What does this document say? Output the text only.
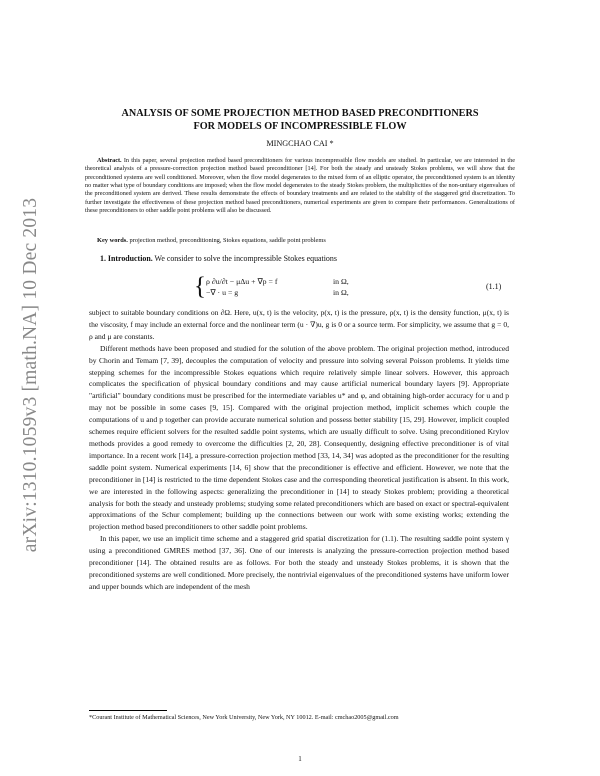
arXiv:1310.1059v3 [math.NA] 10 Dec 2013
ANALYSIS OF SOME PROJECTION METHOD BASED PRECONDITIONERS
FOR MODELS OF INCOMPRESSIBLE FLOW
MINGCHAO CAI *
Abstract. In this paper, several projection method based preconditioners for various incompressible flow models are studied. In particular, we are interested in the theoretical analysis of a pressure-correction projection method based preconditioner [14]. For both the steady and unsteady Stokes problems, we will show that the preconditioned systems are well conditioned. Moreover, when the flow model degenerates to the mixed form of an elliptic operator, the preconditioned system is an identity no matter what type of boundary conditions are imposed; when the flow model degenerates to the steady Stokes problem, the multiplicities of the non-unitary eigenvalues of the preconditioned system are derived. These results demonstrate the effects of boundary treatments and are related to the stability of the staggered grid discretization. To further investigate the effectiveness of these projection method based preconditioners, numerical experiments are given to compare their performances. Generalizations of these preconditioners to other saddle point problems will also be discussed.
Key words. projection method, preconditioning, Stokes equations, saddle point problems
1. Introduction. We consider to solve the incompressible Stokes equations
{ ρ ∂u/∂t − μΔu + ∇p = f	in Ω,
−∇ · u = g	in Ω,
(1.1)

subject to suitable boundary conditions on ∂Ω. Here, u(x, t) is the velocity, p(x, t) is the pressure, ρ(x, t) is the density function, μ(x, t) is the viscosity, f may include an external force and the nonlinear term (u · ∇)u, g is 0 or a source term. For simplicity, we assume that g = 0, ρ and μ are constants.

Different methods have been proposed and studied for the solution of the above problem. The original projection method, introduced by Chorin and Temam [7, 39], decouples the computation of velocity and pressure into solving several Poisson problems. It yields time stepping schemes for the incompressible Stokes equations which require relatively simple linear solvers. However, this approach complicates the specification of physical boundary conditions and may cause artificial numerical boundary layers [9]. Appropriate "artificial" boundary conditions must be prescribed for the intermediate variables u* and φ, and obtaining high-order accuracy for u and p may not be possible in some cases [9, 15]. Compared with the original projection method, implicit schemes which couple the computations of u and p together can provide accurate numerical solution and possess better stability [15, 29]. However, implicit coupled schemes require efficient solvers for the resulted saddle point systems, which are usually difficult to solve. Using preconditioned Krylov methods provides a good remedy to overcome the difficulties [2, 20, 28]. Consequently, designing effective preconditioner is of vital importance. In a recent work [14], a pressure-correction projection method [33, 14, 34] was adopted as the preconditioner for the resulting saddle point system. Numerical experiments [14, 6] show that the preconditioner is effective and efficient. However, we note that the preconditioner in [14] is restricted to the time dependent Stokes case and the corresponding theoretical justification is absent. In this work, we are interested in the following aspects: generalizing the preconditioner in [14] to steady Stokes problem; providing a theoretical analysis for both the steady and unsteady problems; studying some related preconditioners which are based on exact or spectral-equivalent approximations of the Schur complement; building up the connections between our work with some existing works; extending the projection method based preconditioners to other saddle point problems.

In this paper, we use an implicit time scheme and a staggered grid spatial discretization for (1.1). The resulting saddle point system γ using a preconditioned GMRES method [37, 36]. One of our interests is analyzing the pressure-correction projection method based preconditioner [14]. The obtained results are as follows. For both the steady and unsteady Stokes problems, it is shown that the preconditioned systems are well conditioned. More precisely, the nontrivial eigenvalues of the preconditioned systems have uniform lower and upper bounds which are independent of the mesh

*Courant Institute of Mathematical Sciences, New York University, New York, NY 10012. E-mail: cmchao2005@gmail.com
1
